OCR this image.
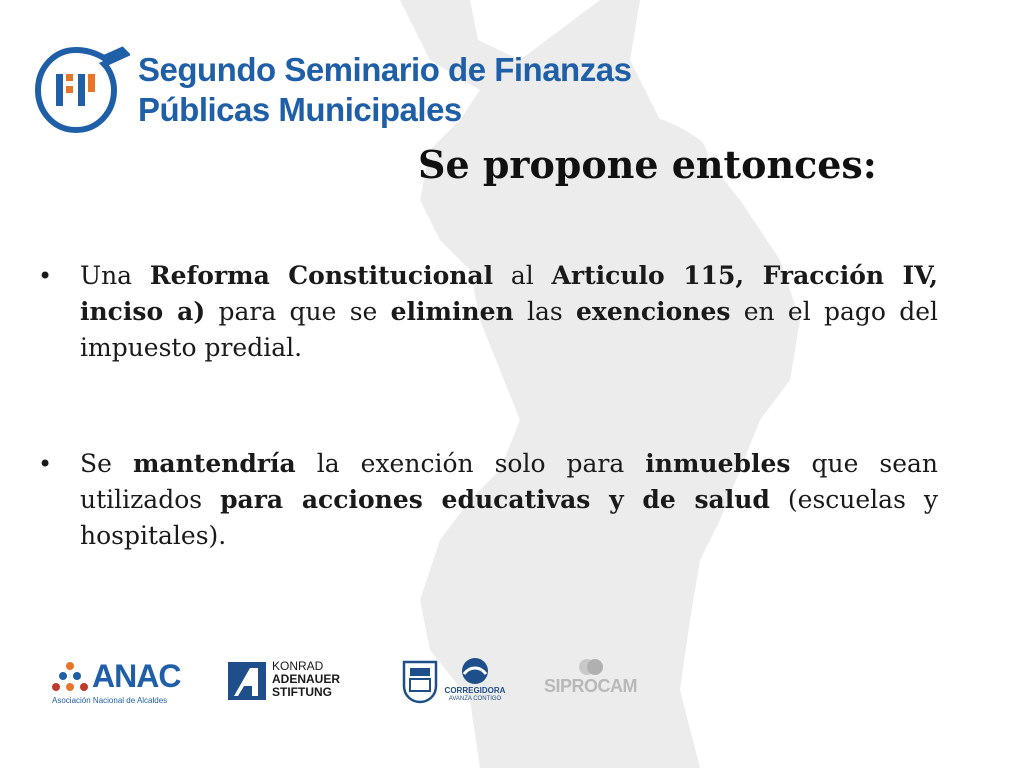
Segundo Seminario de Finanzas
Públicas Municipales
Se propone entonces:

• Una Reforma Constitucional al Articulo 115, Fracción IV, inciso a) para que se eliminen las exenciones en el pago del impuesto predial.

• Se mantendría la exención solo para inmuebles que sean utilizados para acciones educativas y de salud (escuelas y hospitales).

ANAC
Asociación Nacional de Alcaldes
KONRAD
ADENAUER
STIFTUNG	CORREGIDORA
AVANZA CONTIGO
SIPROCAM
